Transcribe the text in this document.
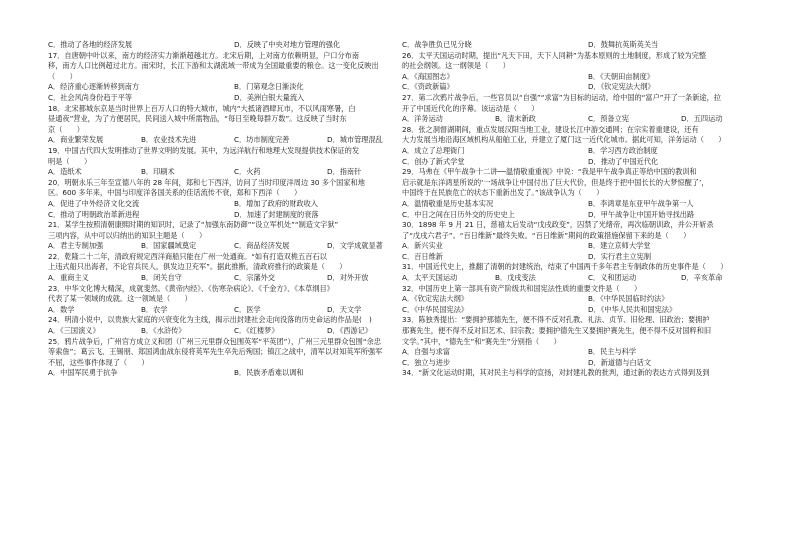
C．推动了各地的经济发展	D．反映了中央对地方管理的强化
17．自唐朝中叶以来，南方的经济实力渐渐超越北方。北宋后期，上对南方依赖明显，户口分布南
移，南方人口比例超过北方。南宋时，长江下游和太湖流域一带成为全国最重要的粮仓。这一变化反映出
（　　）
A．经济重心逐渐转移到南方	B．门第观念日渐淡化
C．社会风尚身份趋于平等	D．美洲白银大量流入
18．北宋都城东京是当时世界上百万人口的特大城市，城内“大抵诸酒肆瓦市，不以风雨寒暑，白
昼通夜”营业，为了方便居民，民间送入城中所需物品，“每日至晚每群万数”。这反映了当时东
京（　　）
A．商业繁荣发展	B．农业技术先进	C．坊市制度完善	D．城市管理混乱
19．中国古代四大发明推动了世界文明的发展。其中，为远洋航行和地理大发现提供技术保证的发
明是（　　）
A．造纸术	B．印刷术	C．火药	D．指南针
20．明朝永乐三年至宣德八年的 28 年间，郑和七下西洋，访问了当时印度洋周边 30 多个国家和地
区。600 多年来，中国与印度洋各国关系的佳话流传不衰，郑和下西洋（　　）
A．促进了中外经济文化交流	B．增加了政府的财政收入
C．推动了明朝政治革新进程	D．加速了封建制度的衰落
21．某学生按照清朝康熙时期的知识时，记录了“加强东南防御”“设立军机处”“制造文字狱”
三项内容，从中可以归纳出的知识主题是（　　）
A．君主专制加强	B．国家疆域奠定	C．商品经济发展	D．文学成就显著
22．乾隆二十二年，清政府规定西洋商船只能在广州一处通商。“如有打造双桅五百石以
上违式船只出海者，不论官兵民人，俱发边卫充军”。据此推断，清政府推行的政策是（　　）
A．重商主义	B．闭关自守	C．宗藩外交	D．对外开放
23．中华文化博大精深，成就斐然。《黄帝内经》、《伤寒杂病论》、《千金方》、《本草纲目》
代表了某一领域的成就。这一领域是（　　）
A．数学	B．农学	C．医学	D．天文学
24．明清小说中，以贵族大家庭的兴衰变化为主线，揭示出封建社会走向没落的历史命运的作品是(　)
A．《三国演义》	B．《水浒传》	C．《红楼梦》	D．《西游记》
25．鸦片战争后，广州官方成立义和团（广州三元里群众包围英军“平英团”），广州三元里群众包围“余忠
等索詹”；葛云飞、王锡朋、郑国鸿血战东侵将英军先生卒先后殉国；镇江之战中，清军以对知英军所强军
不屈，这些事件体现了（　　）
A．中国军民勇于抗争	B．民族矛盾难以调和
C．战争胜负已见分晓	D．鼓舞抗英斯英关当
26．太平天国运动时期，提出“凡天下田，天下人同耕”为基本原则的土地制度，形成了较为完整
的社会纲领。这一纲领是（　　）
A．《海国图志》	B．《天朝田亩制度》
C．《资政新篇》	D．《钦定宪法大纲》
27．第二次鸦片战争后，一些官员以“自强”“求富”为目标的运动，给中国的“富户”开了一条新途，拉
开了中国近代化的序幕。该运动是（　　）
A．洋务运动	B．清末新政	C．预备立宪	D．五四运动
28．张之洞督湖期间，重点发展汉阳当地工业，建设长江中游交通网；在宗实着重建设，还有
大力发展当地沿海区域机构从船舶工业，并建立了厦门这一近代化城市。据此可知，洋务运动（　　）
A．成立了总理衙门	B．学习西方政治制度
C．创办了新式学堂	D．推动了中国近代化
29．马弗在《甲午战争十二讲──温情敬重重视》中说：“我是甲午战争真正等给中国的教训和
启示就是东洋鸿星所说的‘一场战争让中国付出了巨大代价，但是终于把中国长长的大梦惊醒了’，
中国终于在民族危亡的状态下重新出发了。”该战争认为（　　）
A．温情敬重是历史基本实况	B．李鸿章是东亚甲午战争第一人
C．中日之间在日历外交的历史史上	D．甲午战争让中国开始寻找出路
30．1898 年 9 月 21 日，慈禧太后发动“戊戌政变”，囚禁了光绪帝，再次临朝训政，并公开斩杀
了“戊戌六君子”。“百日维新”最终失败。“百日维新”期间的政策措施保留下来的是（　　）
A．新兴实业	B．建立京师大学堂
C．百日维新	D．实行君主立宪制
31．中国近代史上，推翻了清朝的封建统治，结束了中国两千多年君主专制政体的历史事件是（　　）
A．太平天国运动	B．戊戌变法	C．义和团运动	D．辛亥革命
32．中国历史上第一部具有资产阶级共和国宪法性质的重要文件是（　　）
A．《钦定宪法大纲》	B．《中华民国临时约法》
C．《中华民国宪法》	D．《中华人民共和国宪法》
33．陈独秀提出：“要拥护那德先生，便不得不反对孔教、礼法、贞节、旧伦理、旧政治；要拥护
那赛先生，便不得不反对旧艺术、旧宗教；要拥护德先生又要拥护赛先生，便不得不反对国粹和旧
文学。”其中，“德先生”和“赛先生”分别指（　　）
A．自强与求富	B．民主与科学
C．独立与进步	D．新道德与白话文
34．“新文化运动时期，其对民主与科学的宣扬，对封建礼教的批判，通过新的表达方式得到及到
